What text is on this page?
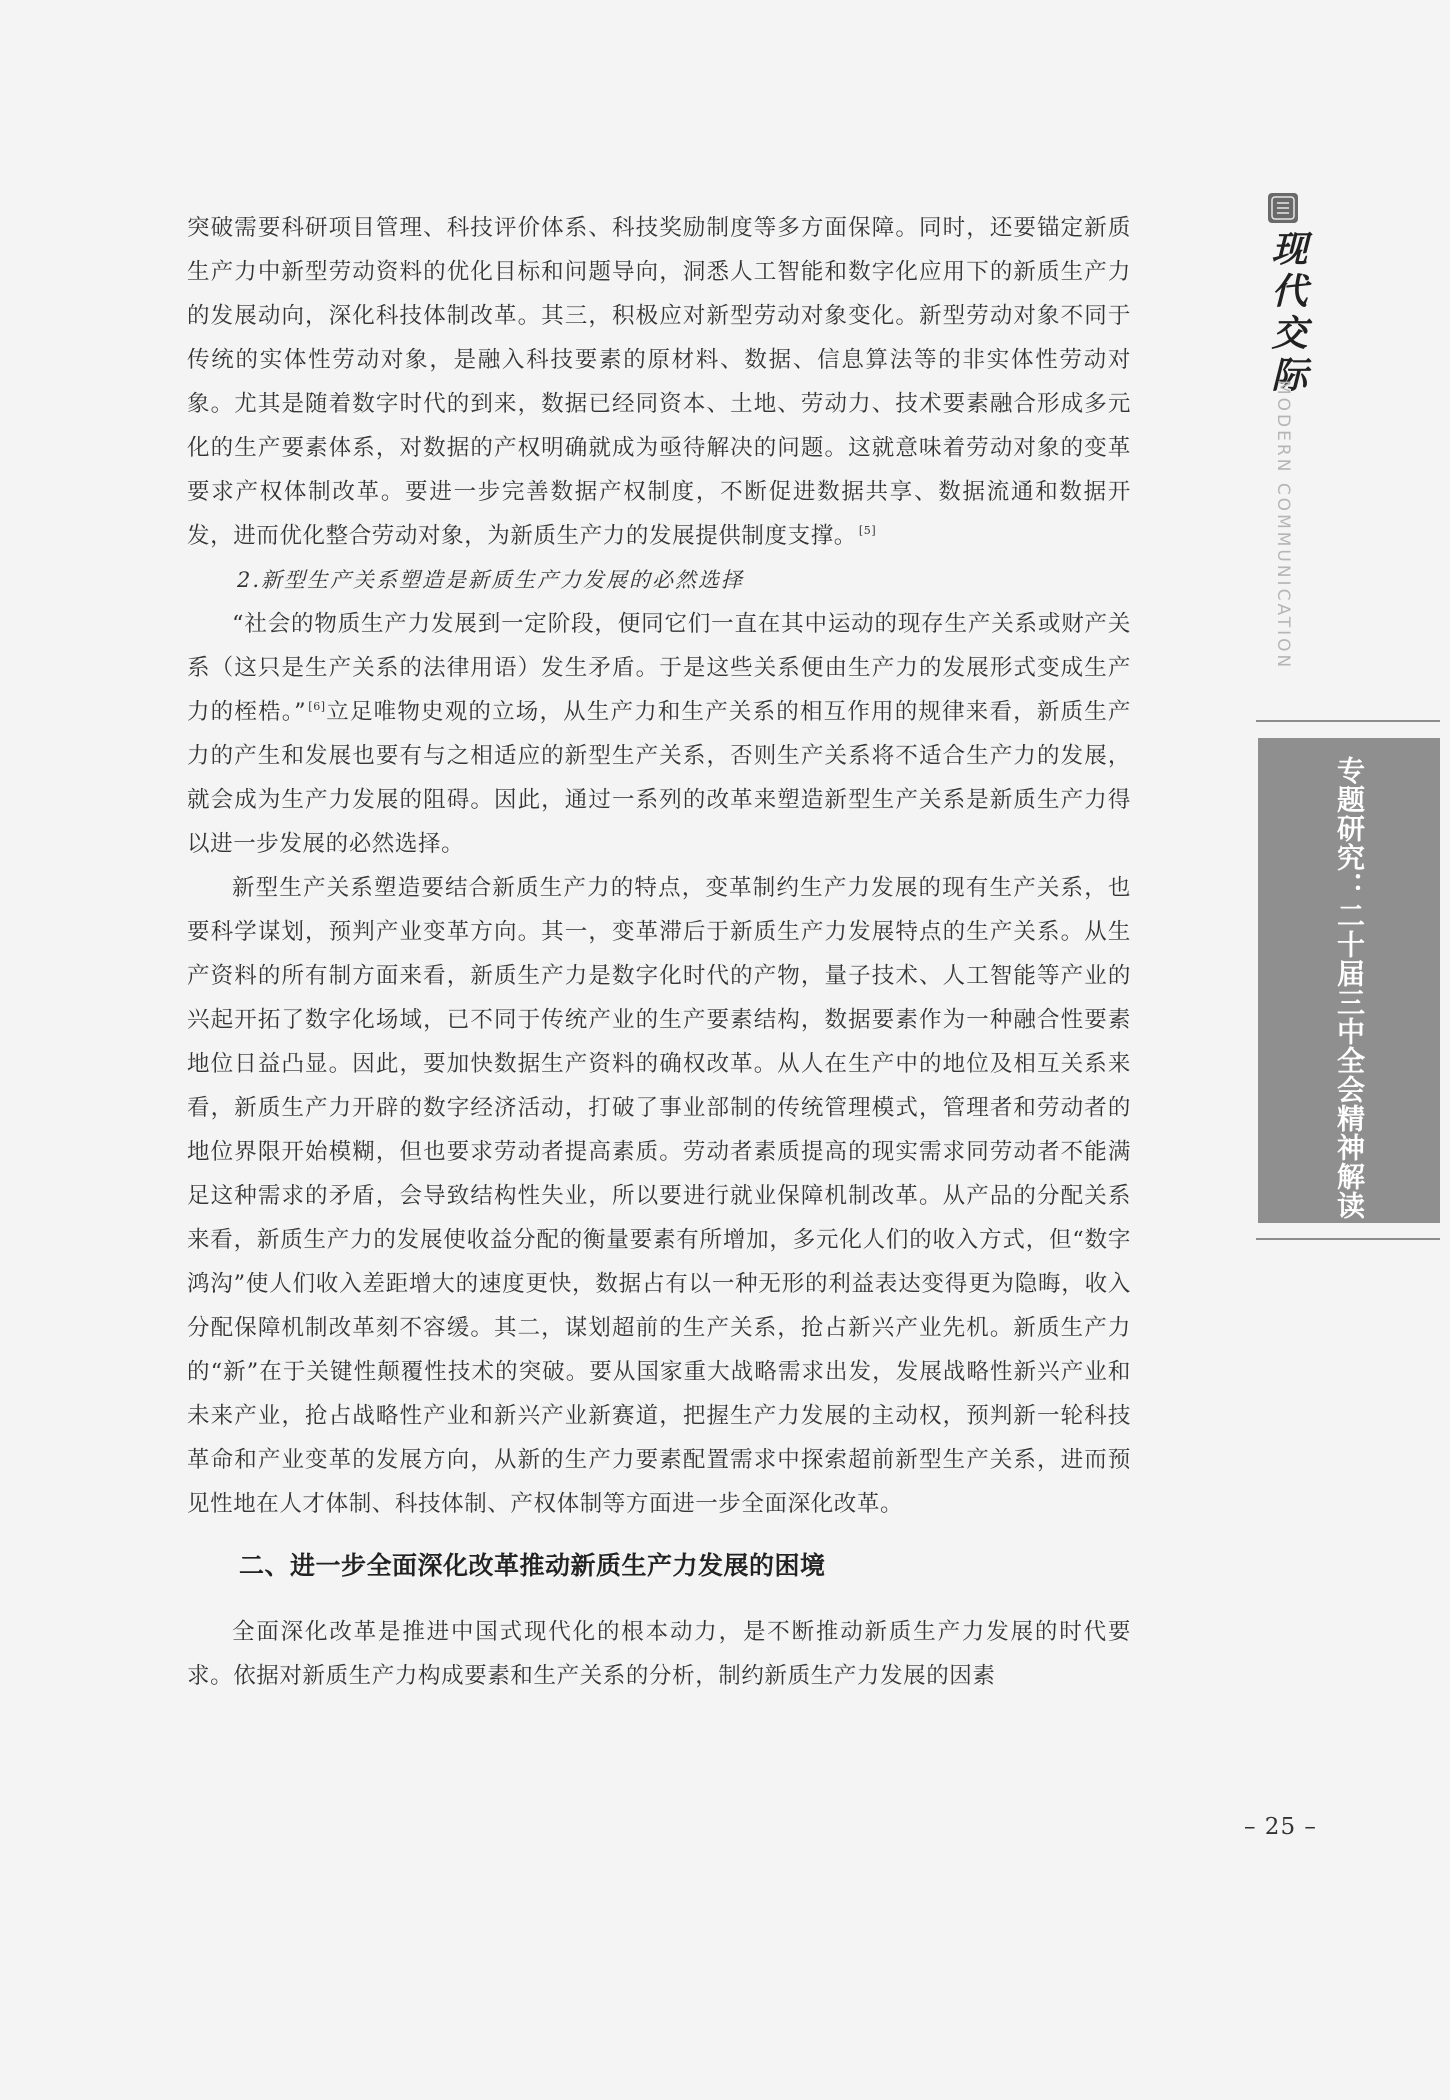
突破需要科研项目管理、科技评价体系、科技奖励制度等多方面保障。同时，还要锚定新质生产力中新型劳动资料的优化目标和问题导向，洞悉人工智能和数字化应用下的新质生产力的发展动向，深化科技体制改革。其三，积极应对新型劳动对象变化。新型劳动对象不同于传统的实体性劳动对象，是融入科技要素的原材料、数据、信息算法等的非实体性劳动对象。尤其是随着数字时代的到来，数据已经同资本、土地、劳动力、技术要素融合形成多元化的生产要素体系，对数据的产权明确就成为亟待解决的问题。这就意味着劳动对象的变革要求产权体制改革。要进一步完善数据产权制度，不断促进数据共享、数据流通和数据开发，进而优化整合劳动对象，为新质生产力的发展提供制度支撑。 [5]

2.新型生产关系塑造是新质生产力发展的必然选择

“社会的物质生产力发展到一定阶段，便同它们一直在其中运动的现存生产关系或财产关系（这只是生产关系的法律用语）发生矛盾。于是这些关系便由生产力的发展形式变成生产力的桎梏。” [6]立足唯物史观的立场，从生产力和生产关系的相互作用的规律来看，新质生产力的产生和发展也要有与之相适应的新型生产关系，否则生产关系将不适合生产力的发展，就会成为生产力发展的阻碍。因此，通过一系列的改革来塑造新型生产关系是新质生产力得以进一步发展的必然选择。

新型生产关系塑造要结合新质生产力的特点，变革制约生产力发展的现有生产关系，也要科学谋划，预判产业变革方向。其一，变革滞后于新质生产力发展特点的生产关系。从生产资料的所有制方面来看，新质生产力是数字化时代的产物，量子技术、人工智能等产业的兴起开拓了数字化场域，已不同于传统产业的生产要素结构，数据要素作为一种融合性要素地位日益凸显。因此，要加快数据生产资料的确权改革。从人在生产中的地位及相互关系来看，新质生产力开辟的数字经济活动，打破了事业部制的传统管理模式，管理者和劳动者的地位界限开始模糊，但也要求劳动者提高素质。劳动者素质提高的现实需求同劳动者不能满足这种需求的矛盾，会导致结构性失业，所以要进行就业保障机制改革。从产品的分配关系来看，新质生产力的发展使收益分配的衡量要素有所增加，多元化人们的收入方式，但“数字鸿沟”使人们收入差距增大的速度更快，数据占有以一种无形的利益表达变得更为隐晦，收入分配保障机制改革刻不容缓。其二，谋划超前的生产关系，抢占新兴产业先机。新质生产力的“新”在于关键性颠覆性技术的突破。要从国家重大战略需求出发，发展战略性新兴产业和未来产业，抢占战略性产业和新兴产业新赛道，把握生产力发展的主动权，预判新一轮科技革命和产业变革的发展方向，从新的生产力要素配置需求中探索超前新型生产关系，进而预见性地在人才体制、科技体制、产权体制等方面进一步全面深化改革。

二、进一步全面深化改革推动新质生产力发展的困境

全面深化改革是推进中国式现代化的根本动力，是不断推动新质生产力发展的时代要求。依据对新质生产力构成要素和生产关系的分析，制约新质生产力发展的因素

现代交际
MODERN COMMUNICATION
专题研究：二十届三中全会精神解读
– 25 –
